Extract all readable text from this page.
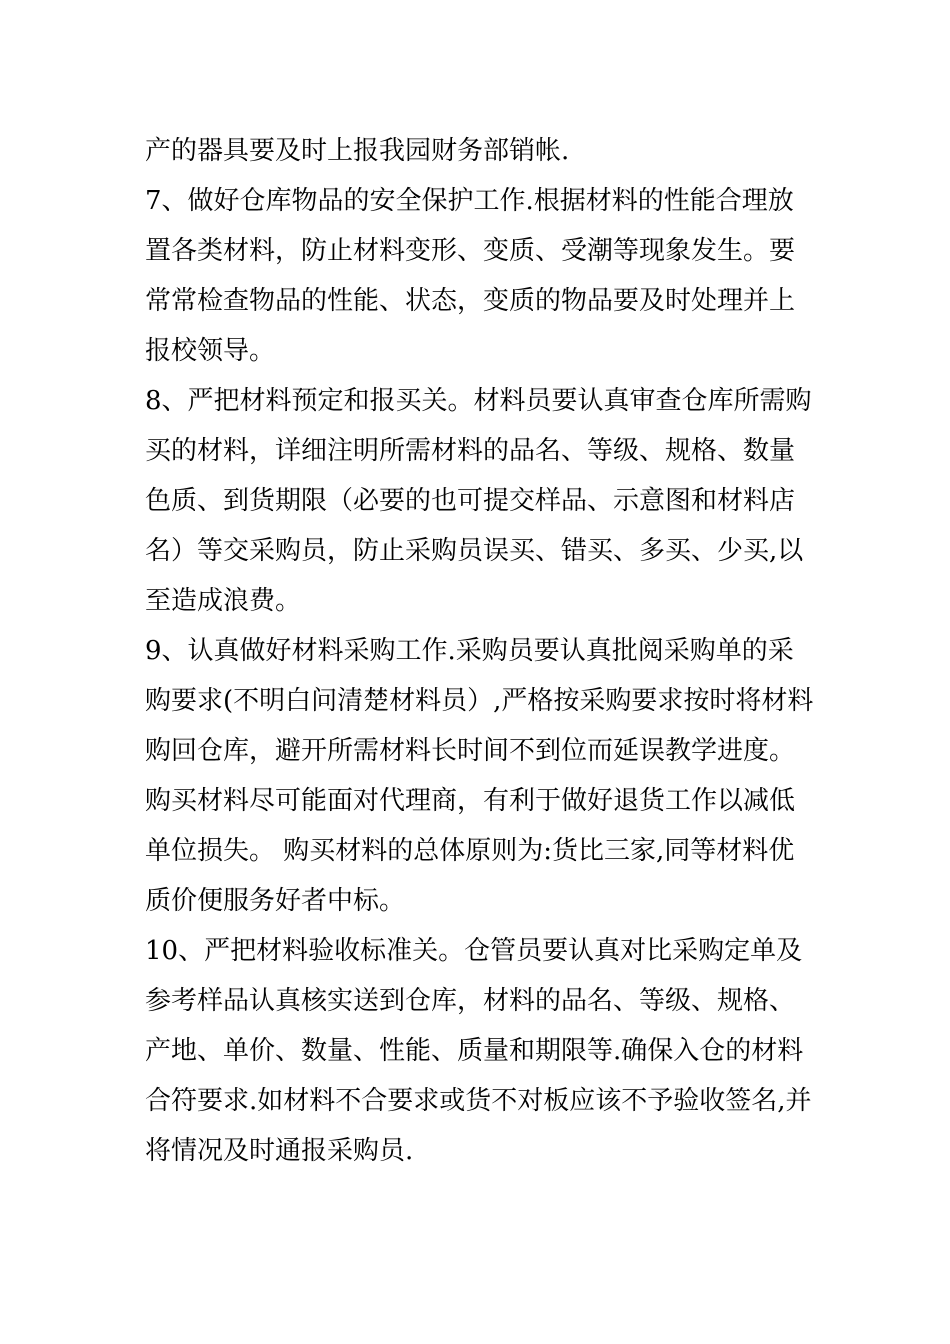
产的器具要及时上报我园财务部销帐.
7、做好仓库物品的安全保护工作.根据材料的性能合理放
置各类材料，防止材料变形、变质、受潮等现象发生。要
常常检查物品的性能、状态，变质的物品要及时处理并上
报校领导。
8、严把材料预定和报买关。材料员要认真审查仓库所需购
买的材料，详细注明所需材料的品名、等级、规格、数量
色质、到货期限（必要的也可提交样品、示意图和材料店
名）等交采购员，防止采购员误买、错买、多买、少买,以
至造成浪费。
9、认真做好材料采购工作.采购员要认真批阅采购单的采
购要求(不明白问清楚材料员）,严格按采购要求按时将材料
购回仓库，避开所需材料长时间不到位而延误教学进度。
购买材料尽可能面对代理商，有利于做好退货工作以减低
单位损失。 购买材料的总体原则为:货比三家,同等材料优
质价便服务好者中标。
10、严把材料验收标准关。仓管员要认真对比采购定单及
参考样品认真核实送到仓库，材料的品名、等级、规格、
产地、单价、数量、性能、质量和期限等.确保入仓的材料
合符要求.如材料不合要求或货不对板应该不予验收签名,并
将情况及时通报采购员.
